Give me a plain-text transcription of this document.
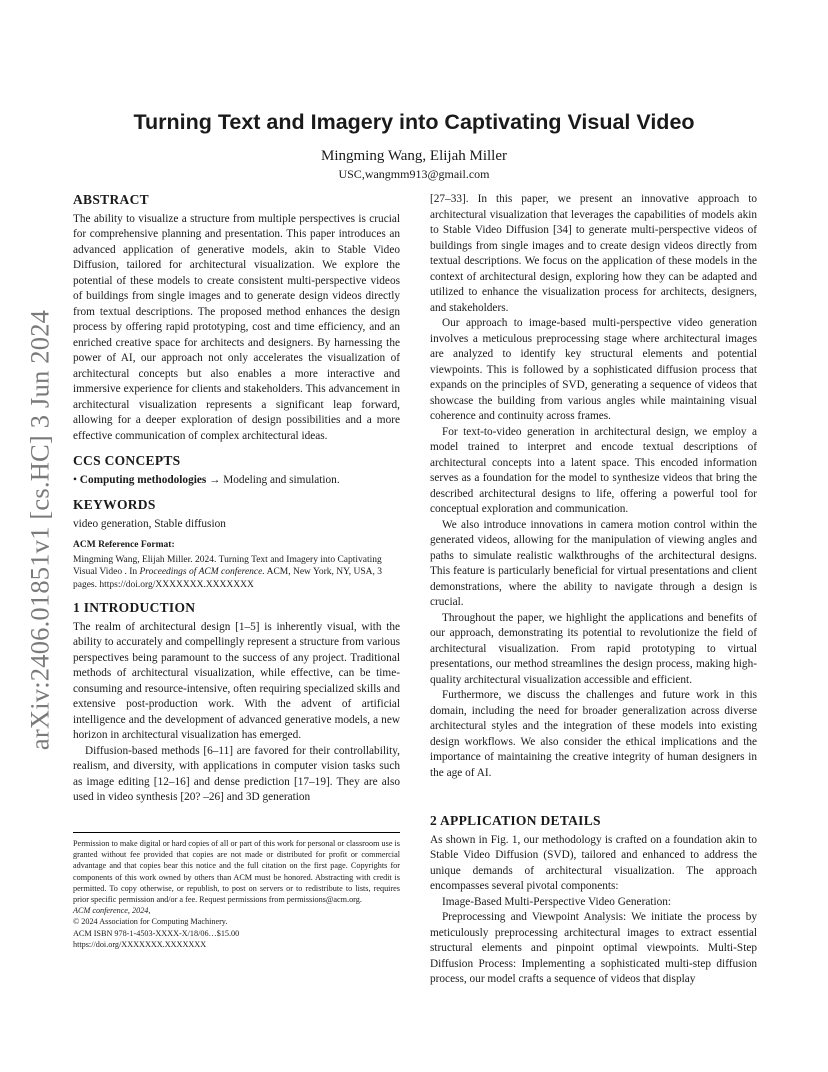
arXiv:2406.01851v1 [cs.HC] 3 Jun 2024
Turning Text and Imagery into Captivating Visual Video
Mingming Wang, Elijah Miller
USC,wangmm913@gmail.com
ABSTRACT

The ability to visualize a structure from multiple perspectives is crucial for comprehensive planning and presentation. This paper introduces an advanced application of generative models, akin to Stable Video Diffusion, tailored for architectural visualization. We explore the potential of these models to create consistent multi-perspective videos of buildings from single images and to generate design videos directly from textual descriptions. The proposed method enhances the design process by offering rapid prototyping, cost and time efficiency, and an enriched creative space for architects and designers. By harnessing the power of AI, our approach not only accelerates the visualization of architectural concepts but also enables a more interactive and immersive experience for clients and stakeholders. This advancement in architectural visualization represents a significant leap forward, allowing for a deeper exploration of design possibilities and a more effective communication of complex architectural ideas.

CCS CONCEPTS

• Computing methodologies → Modeling and simulation.

KEYWORDS

video generation, Stable diffusion

ACM Reference Format:

Mingming Wang, Elijah Miller. 2024. Turning Text and Imagery into Captivating Visual Video . In Proceedings of ACM conference. ACM, New York, NY, USA, 3 pages. https://doi.org/XXXXXXX.XXXXXXX

1 INTRODUCTION

The realm of architectural design [1–5] is inherently visual, with the ability to accurately and compellingly represent a structure from various perspectives being paramount to the success of any project. Traditional methods of architectural visualization, while effective, can be time-consuming and resource-intensive, often requiring specialized skills and extensive post-production work. With the advent of artificial intelligence and the development of advanced generative models, a new horizon in architectural visualization has emerged.

Diffusion-based methods [6–11] are favored for their controllability, realism, and diversity, with applications in computer vision tasks such as image editing [12–16] and dense prediction [17–19]. They are also used in video synthesis [20? –26] and 3D generation

Permission to make digital or hard copies of all or part of this work for personal or classroom use is granted without fee provided that copies are not made or distributed for profit or commercial advantage and that copies bear this notice and the full citation on the first page. Copyrights for components of this work owned by others than ACM must be honored. Abstracting with credit is permitted. To copy otherwise, or republish, to post on servers or to redistribute to lists, requires prior specific permission and/or a fee. Request permissions from permissions@acm.org.

ACM conference, 2024,
© 2024 Association for Computing Machinery.
ACM ISBN 978-1-4503-XXXX-X/18/06…$15.00
https://doi.org/XXXXXXX.XXXXXXX

[27–33]. In this paper, we present an innovative approach to architectural visualization that leverages the capabilities of models akin to Stable Video Diffusion [34] to generate multi-perspective videos of buildings from single images and to create design videos directly from textual descriptions. We focus on the application of these models in the context of architectural design, exploring how they can be adapted and utilized to enhance the visualization process for architects, designers, and stakeholders.

Our approach to image-based multi-perspective video generation involves a meticulous preprocessing stage where architectural images are analyzed to identify key structural elements and potential viewpoints. This is followed by a sophisticated diffusion process that expands on the principles of SVD, generating a sequence of videos that showcase the building from various angles while maintaining visual coherence and continuity across frames.

For text-to-video generation in architectural design, we employ a model trained to interpret and encode textual descriptions of architectural concepts into a latent space. This encoded information serves as a foundation for the model to synthesize videos that bring the described architectural designs to life, offering a powerful tool for conceptual exploration and communication.

We also introduce innovations in camera motion control within the generated videos, allowing for the manipulation of viewing angles and paths to simulate realistic walkthroughs of the architectural designs. This feature is particularly beneficial for virtual presentations and client demonstrations, where the ability to navigate through a design is crucial.

Throughout the paper, we highlight the applications and benefits of our approach, demonstrating its potential to revolutionize the field of architectural visualization. From rapid prototyping to virtual presentations, our method streamlines the design process, making high-quality architectural visualization accessible and efficient.

Furthermore, we discuss the challenges and future work in this domain, including the need for broader generalization across diverse architectural styles and the integration of these models into existing design workflows. We also consider the ethical implications and the importance of maintaining the creative integrity of human designers in the age of AI.

2 APPLICATION DETAILS

As shown in Fig. 1, our methodology is crafted on a foundation akin to Stable Video Diffusion (SVD), tailored and enhanced to address the unique demands of architectural visualization. The approach encompasses several pivotal components:

Image-Based Multi-Perspective Video Generation:

Preprocessing and Viewpoint Analysis: We initiate the process by meticulously preprocessing architectural images to extract essential structural elements and pinpoint optimal viewpoints. Multi-Step Diffusion Process: Implementing a sophisticated multi-step diffusion process, our model crafts a sequence of videos that display
